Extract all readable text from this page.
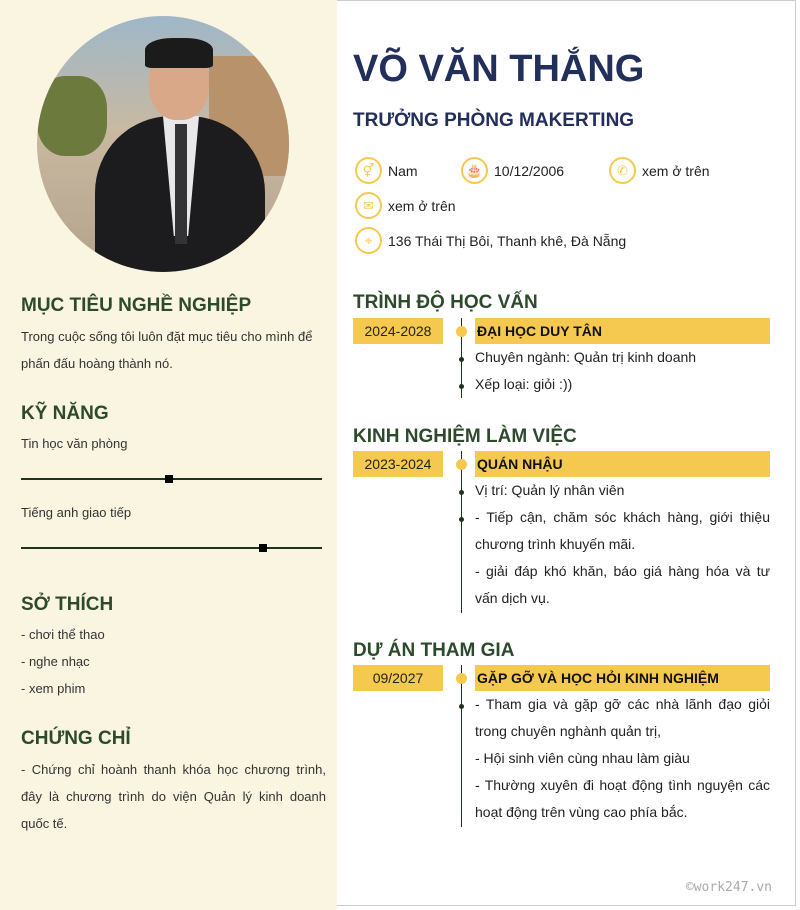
MỤC TIÊU NGHỀ NGHIỆP
Trong cuộc sống tôi luôn đặt mục tiêu cho mình để phấn đấu hoàng thành nó.
KỸ NĂNG
Tin học văn phòng
Tiếng anh giao tiếp
SỞ THÍCH
- chơi thể thao
- nghe nhạc
- xem phim
CHỨNG CHỈ
- Chứng chỉ hoành thanh khóa học chương trình, đây là chương trình do viện Quản lý kinh doanh quốc tế.
VÕ VĂN THẮNG
TRƯỞNG PHÒNG MAKERTING
⚥ Nam	🎂 10/12/2006	✆	xem ở trên
✉	xem ở trên
⌖	136 Thái Thị Bôi, Thanh khê, Đà Nẵng
TRÌNH ĐỘ HỌC VẤN
2024-2028	ĐẠI HỌC DUY TÂN
Chuyên ngành: Quản trị kinh doanh
Xếp loại: giỏi :))
KINH NGHIỆM LÀM VIỆC
2023-2024	QUÁN NHẬU
Vị trí: Quản lý nhân viên
- Tiếp cận, chăm sóc khách hàng, giới thiệu chương trình khuyến mãi.
- giải đáp khó khăn, báo giá hàng hóa và tư vấn dịch vụ.
DỰ ÁN THAM GIA
09/2027	GẶP GỠ VÀ HỌC HỎI KINH NGHIỆM
- Tham gia và gặp gỡ các nhà lãnh đạo giỏi trong chuyên nghành quản trị,
- Hội sinh viên cùng nhau làm giàu
- Thường xuyên đi hoạt động tình nguyện các hoạt động trên vùng cao phía bắc.
©work247.vn
